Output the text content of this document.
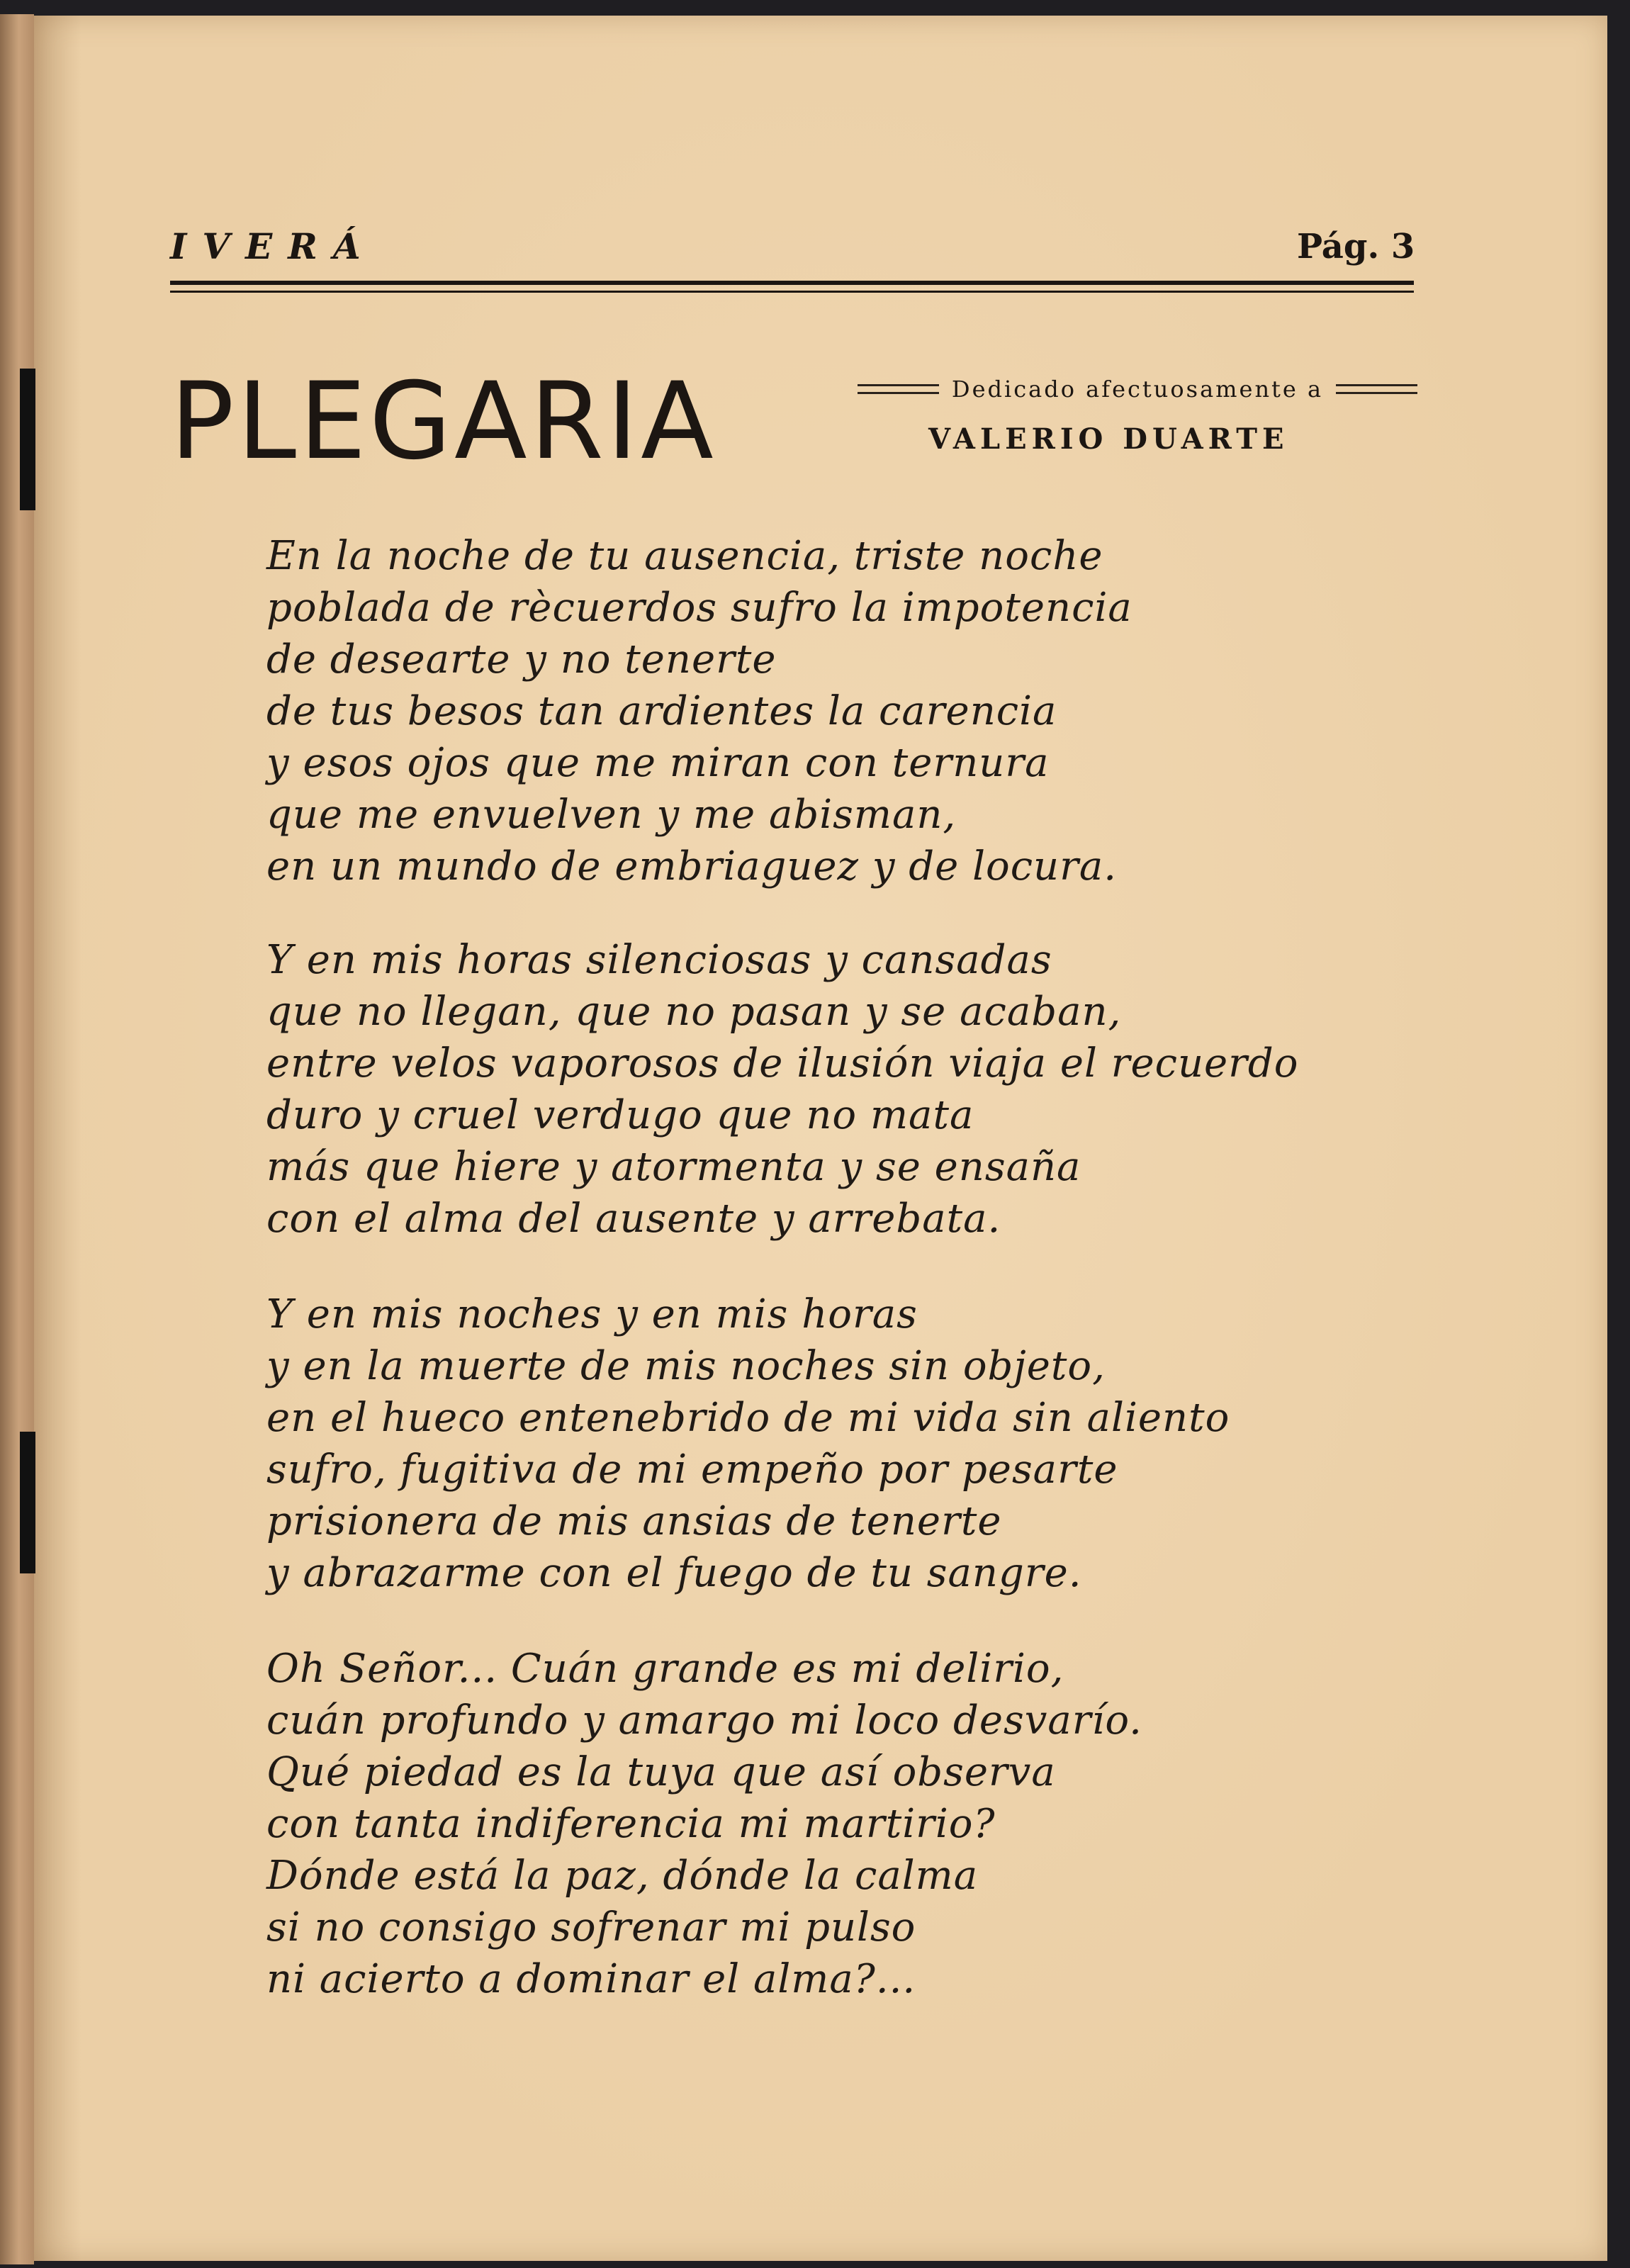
IVERÁ	Pág. 3
PLEGARIA	Dedicado afectuosamente a
VALERIO DUARTE
En la noche de tu ausencia, triste noche
poblada de rècuerdos sufro la impotencia
de desearte y no tenerte
de tus besos tan ardientes la carencia
y esos ojos que me miran con ternura
que me envuelven y me abisman,
en un mundo de embriaguez y de locura.
Y en mis horas silenciosas y cansadas
que no llegan, que no pasan y se acaban,
entre velos vaporosos de ilusión viaja el recuerdo
duro y cruel verdugo que no mata
más que hiere y atormenta y se ensaña
con el alma del ausente y arrebata.
Y en mis noches y en mis horas
y en la muerte de mis noches sin objeto,
en el hueco entenebrido de mi vida sin aliento
sufro, fugitiva de mi empeño por pesarte
prisionera de mis ansias de tenerte
y abrazarme con el fuego de tu sangre.
Oh Señor... Cuán grande es mi delirio,
cuán profundo y amargo mi loco desvarío.
Qué piedad es la tuya que así observa
con tanta indiferencia mi martirio?
Dónde está la paz, dónde la calma
si no consigo sofrenar mi pulso
ni acierto a dominar el alma?...
